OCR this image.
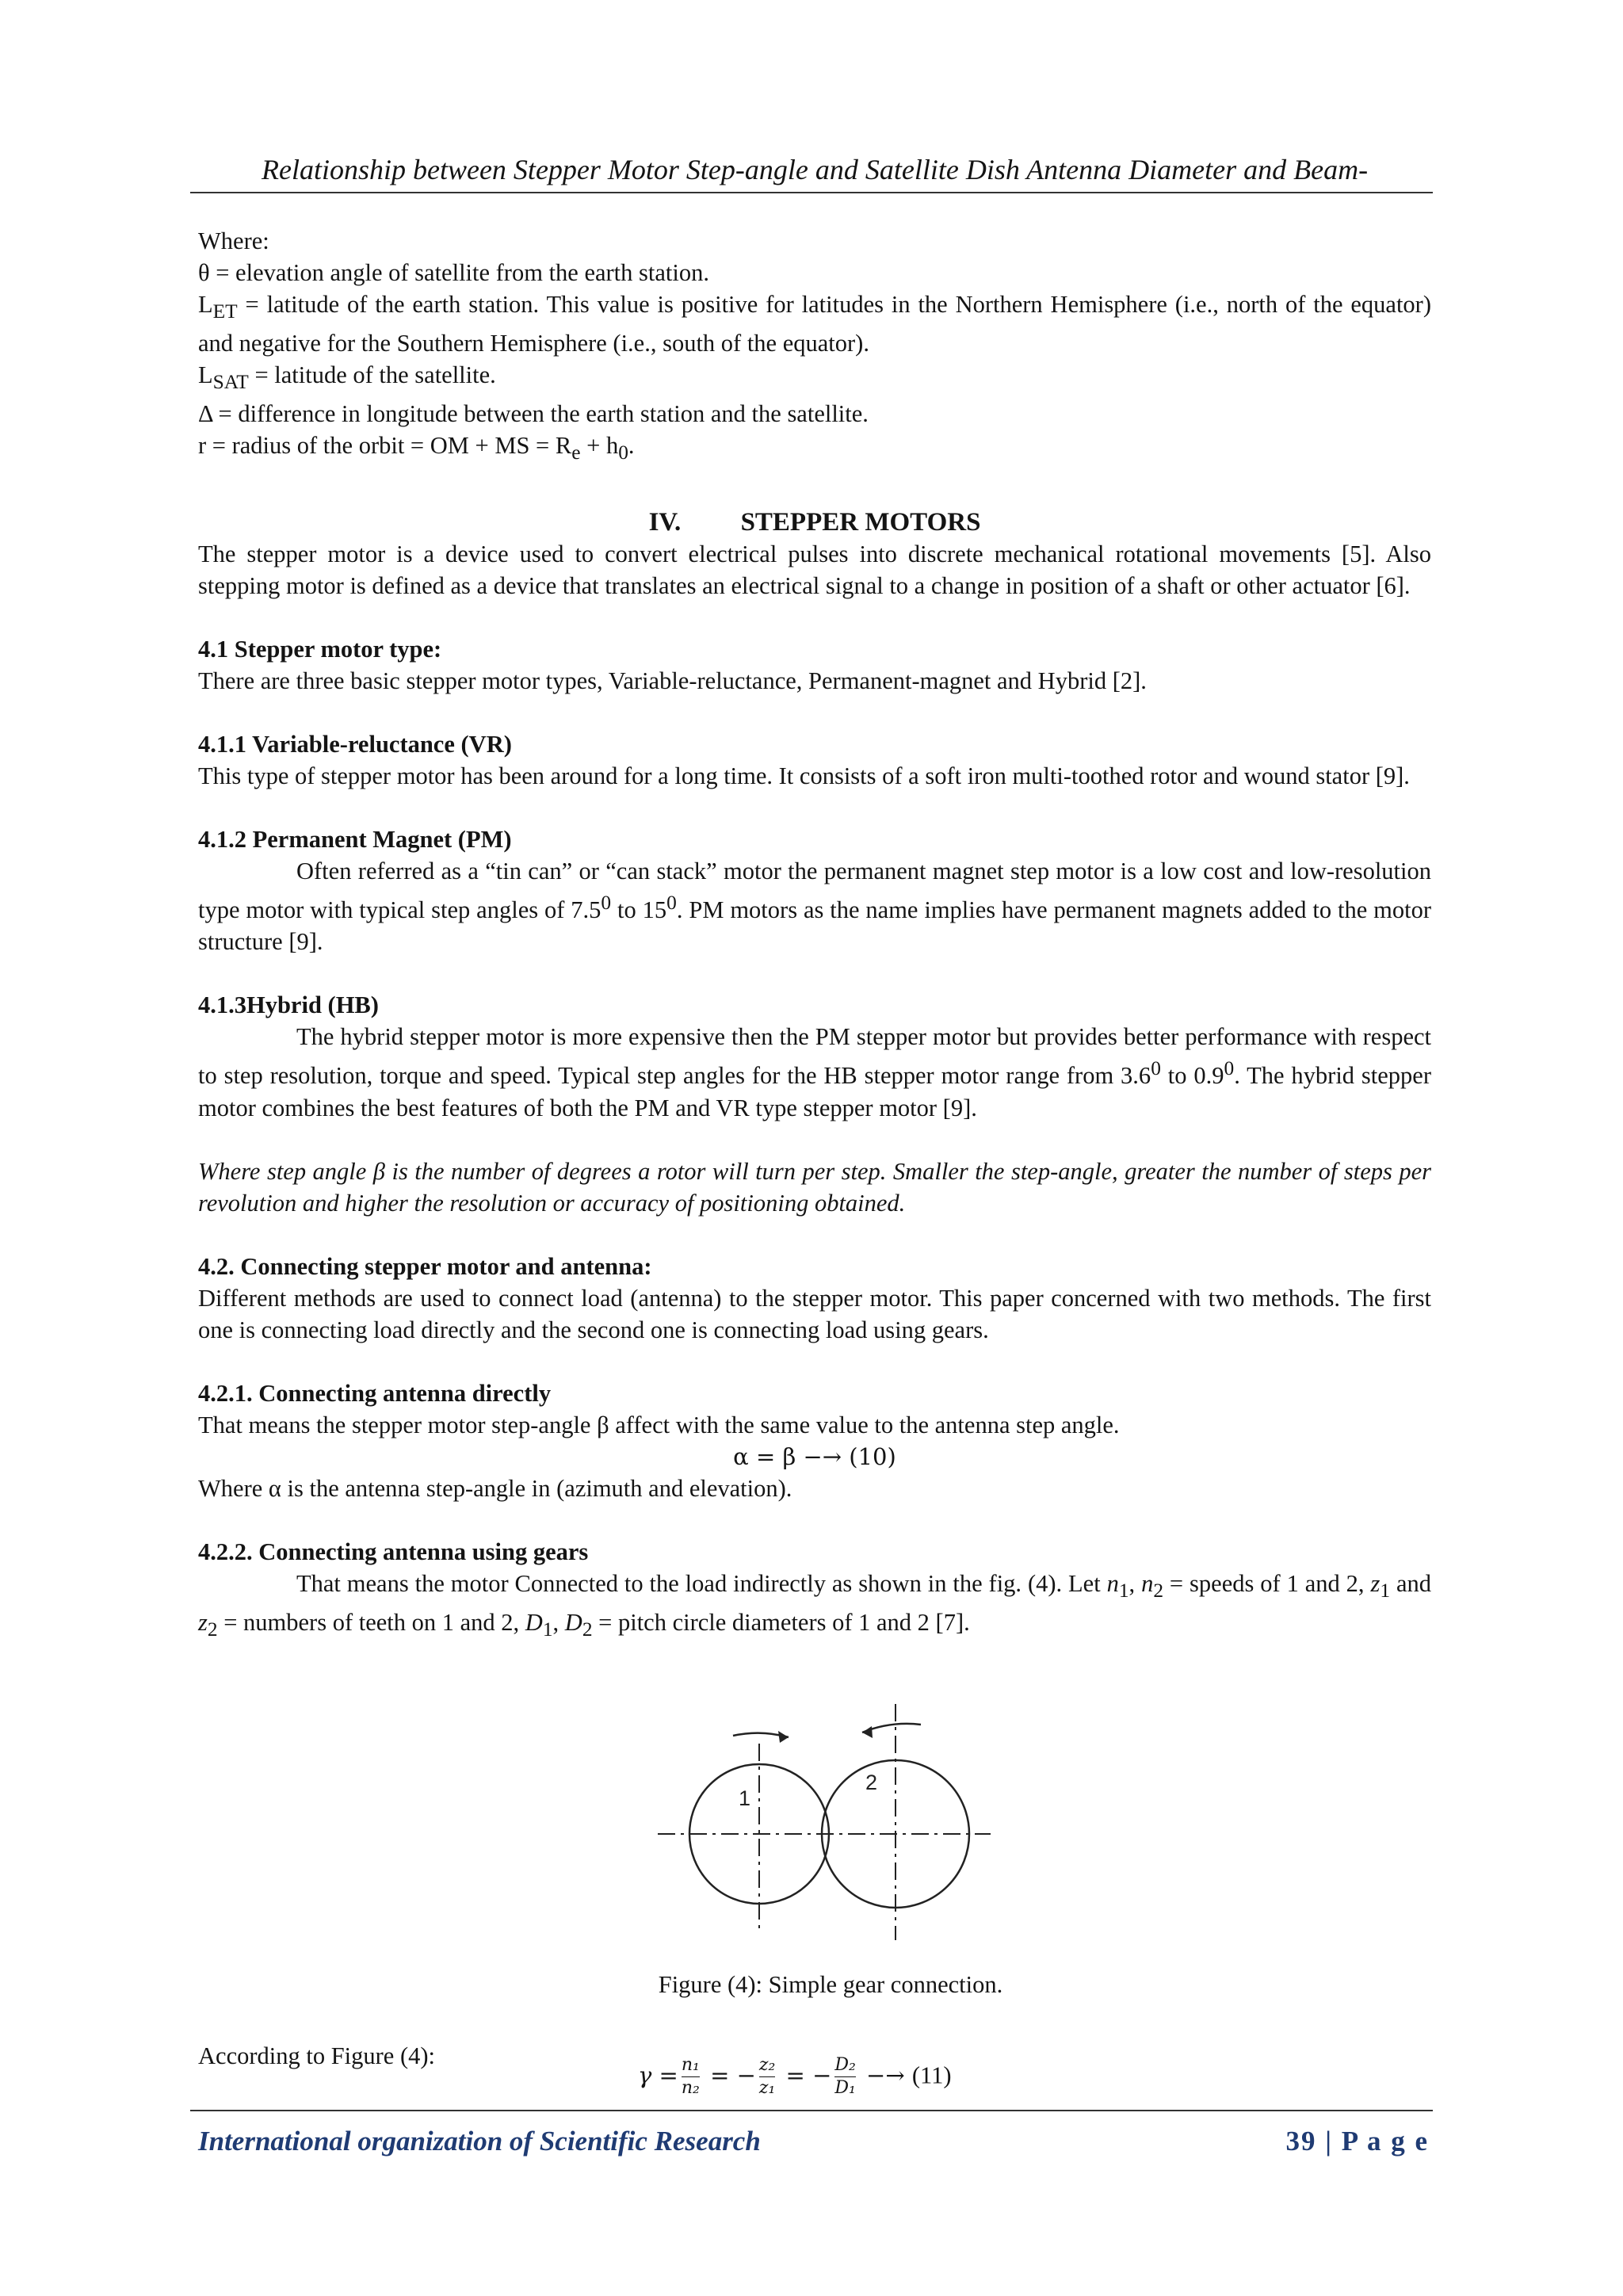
Relationship between Stepper Motor Step-angle and Satellite Dish Antenna Diameter and Beam-

Where:

θ = elevation angle of satellite from the earth station.

$L_{ET}$ = latitude of the earth station. This value is positive for latitudes in the Northern Hemisphere (i.e., north of the equator) and negative for the Southern Hemisphere (i.e., south of the equator).

$L_{SAT}$ = latitude of the satellite.

Δ = difference in longitude between the earth station and the satellite.

r = radius of the orbit = OM + MS = $R_e + h_0$.

IV. STEPPER MOTORS

The stepper motor is a device used to convert electrical pulses into discrete mechanical rotational movements [5]. Also stepping motor is defined as a device that translates an electrical signal to a change in position of a shaft or other actuator [6].

4.1 Stepper motor type:

There are three basic stepper motor types, Variable-reluctance, Permanent-magnet and Hybrid [2].

4.1.1 Variable-reluctance (VR)

This type of stepper motor has been around for a long time. It consists of a soft iron multi-toothed rotor and wound stator [9].

4.1.2 Permanent Magnet (PM)

Often referred as a “tin can” or “can stack” motor the permanent magnet step motor is a low cost and low-resolution type motor with typical step angles of $7.5^0$ to $15^0$. PM motors as the name implies have permanent magnets added to the motor structure [9].

4.1.3Hybrid (HB)

The hybrid stepper motor is more expensive then the PM stepper motor but provides better performance with respect to step resolution, torque and speed. Typical step angles for the HB stepper motor range from $3.6^0$ to $0.9^0$. The hybrid stepper motor combines the best features of both the PM and VR type stepper motor [9].

Where step angle β is the number of degrees a rotor will turn per step. Smaller the step-angle, greater the number of steps per revolution and higher the resolution or accuracy of positioning obtained.

4.2. Connecting stepper motor and antenna:

Different methods are used to connect load (antenna) to the stepper motor. This paper concerned with two methods. The first one is connecting load directly and the second one is connecting load using gears.

4.2.1. Connecting antenna directly

That means the stepper motor step-angle β affect with the same value to the antenna step angle.

α = β −→ (10)

Where α is the antenna step-angle in (azimuth and elevation).

4.2.2. Connecting antenna using gears

That means the motor Connected to the load indirectly as shown in the fig. (4). Let $n_1$, $n_2$ = speeds of 1 and 2, $z_1$ and $z_2$ = numbers of teeth on 1 and 2, $D_1$, $D_2$ = pitch circle diameters of 1 and 2 [7].

1
2

Figure (4): Simple gear connection.

According to Figure (4):
$\gamma = \frac{\text{n₁}}{\text{n₂}}$ = − $\frac{\text{z₂}}{\text{z₁}}$ = − $\frac{\text{D₂}}{\text{D₁}} -\to (11)$
International organization of Scientific Research	39 | P a g e
